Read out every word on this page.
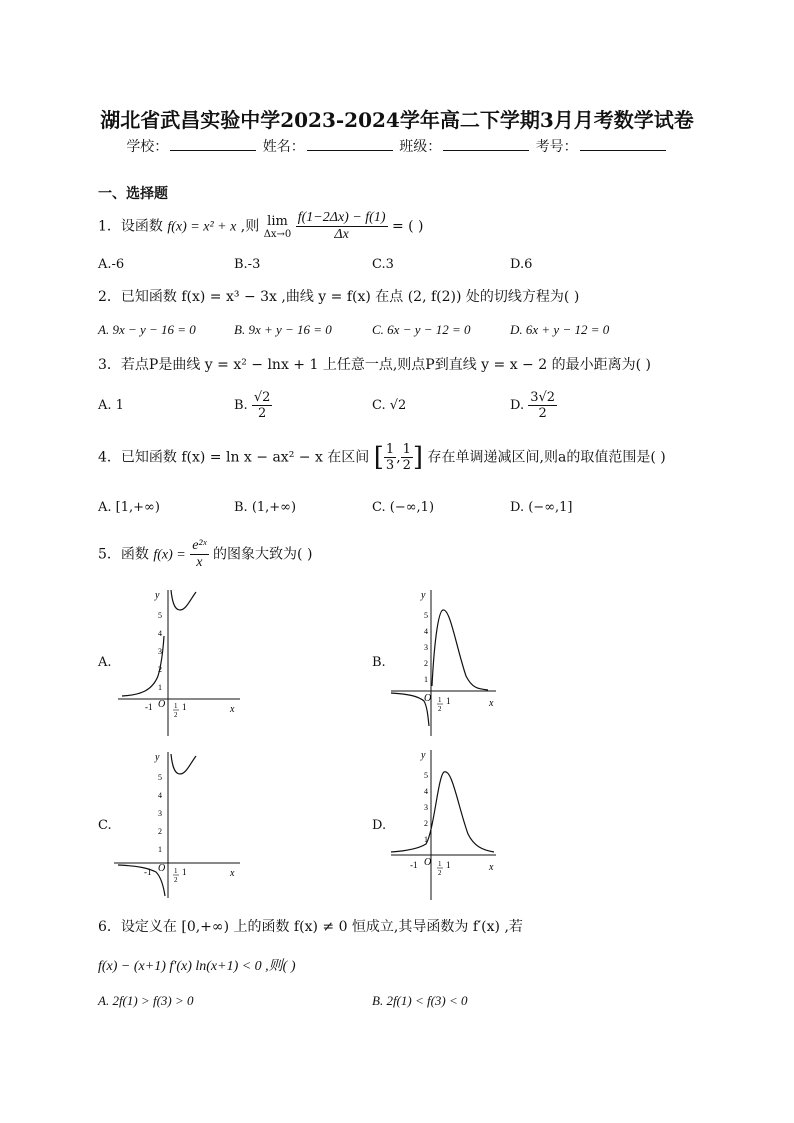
湖北省武昌实验中学2023-2024学年高二下学期3月月考数学试卷
学校：	姓名：	班级：	考号：
一、选择题
1．设函数 f(x) = x² + x ,则 lim
Δx→0
$\frac{f(1-2\Delta x) - f(1)}{\Delta x}$ = ( )
A.-6	B.-3	C.3	D.6
2．已知函数 f(x) = x³ − 3x ,曲线 y = f(x) 在点 (2, f(2)) 处的切线方程为( )
A. 9x − y − 16 = 0	B. 9x + y − 16 = 0	C. 6x − y − 12 = 0	D. 6x + y − 12 = 0
3．若点P是曲线 y = x² − lnx + 1 上任意一点,则点P到直线 y = x − 2 的最小距离为( )
A. 1	B. $\frac{√2}{2}$	C. √2	D. $\frac{3√2}{2}$
4．已知函数 f(x) = ln x − ax² − x 在区间 [ $\frac{1}{3}$ , $\frac{1}{2}$ ] 存在单调递减区间,则a的取值范围是( )
A. [1,+∞)	B. (1,+∞)	C. (−∞,1)	D. (−∞,1]
5．函数 $f(x) = \frac{\text{e²ˣ}}{x}$ 的图象大致为( )
A.	B.
C.	D.
y
x
O
-1	1
1
2
5
4
3
2
1
y
x
O 1
1
2
5
4
3
2
1
y
x
O
-1	1
1
2
5
4
3
2
1
y
x
O
-1	1
1
2
5
4
3
2
1
6．设定义在 [0,+∞) 上的函数 f(x) ≠ 0 恒成立,其导函数为 f′(x) ,若
f(x) − (x+1) f′(x) ln(x+1) < 0 ,则( )
A. 2f(1) > f(3) > 0	B. 2f(1) < f(3) < 0
